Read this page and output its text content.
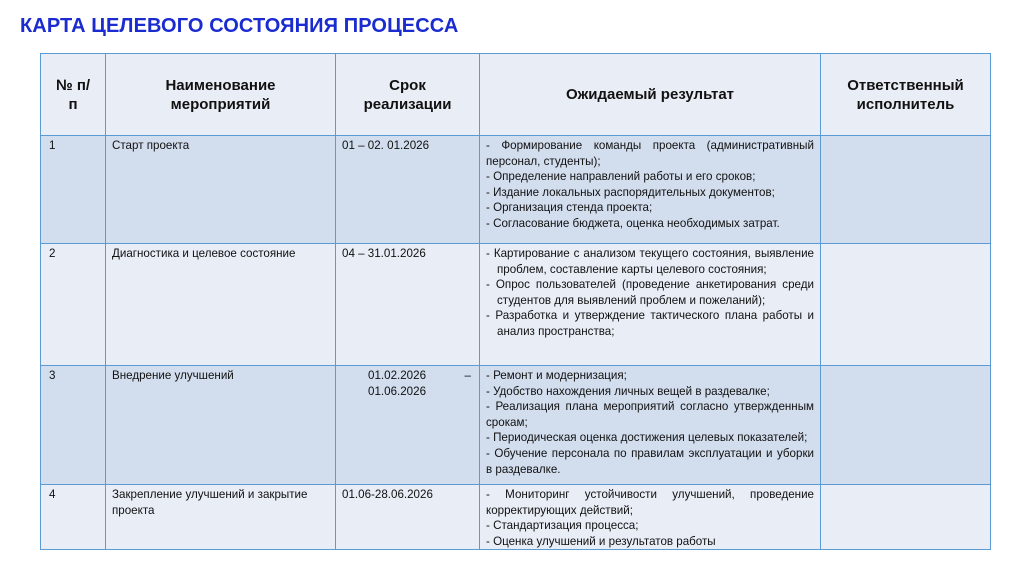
КАРТА ЦЕЛЕВОГО СОСТОЯНИЯ ПРОЦЕССА
№ п/п	Наименование мероприятий	Срок реализации	Ожидаемый результат	Ответственный исполнитель
1	Старт проекта	01 – 02. 01.2026	- Формирование команды проекта (административный персонал, студенты);
- Определение направлений работы и его сроков;
- Издание локальных распорядительных документов;
- Организация стенда проекта;
- Согласование бюджета, оценка необходимых затрат.	

2	Диагностика и целевое состояние	04 – 31.01.2026	- Картирование с анализом текущего состояния, выявление проблем, составление карты целевого состояния;
- Опрос пользователей (проведение анкетирования среди студентов для выявлений проблем и пожеланий);
- Разработка и утверждение тактического плана работы и анализ пространства;	

3	Внедрение улучшений	01.02.2026 – 01.06.2026	- Ремонт и модернизация;
- Удобство нахождения личных вещей в раздевалке;
- Реализация плана мероприятий согласно утвержденным срокам;
- Периодическая оценка достижения целевых показателей;
- Обучение персонала по правилам эксплуатации и уборки в раздевалке.	

4	Закрепление улучшений и закрытие проекта	01.06-28.06.2026	- Мониторинг устойчивости улучшений, проведение корректирующих действий;
- Стандартизация процесса;
- Оценка улучшений и результатов работы	
